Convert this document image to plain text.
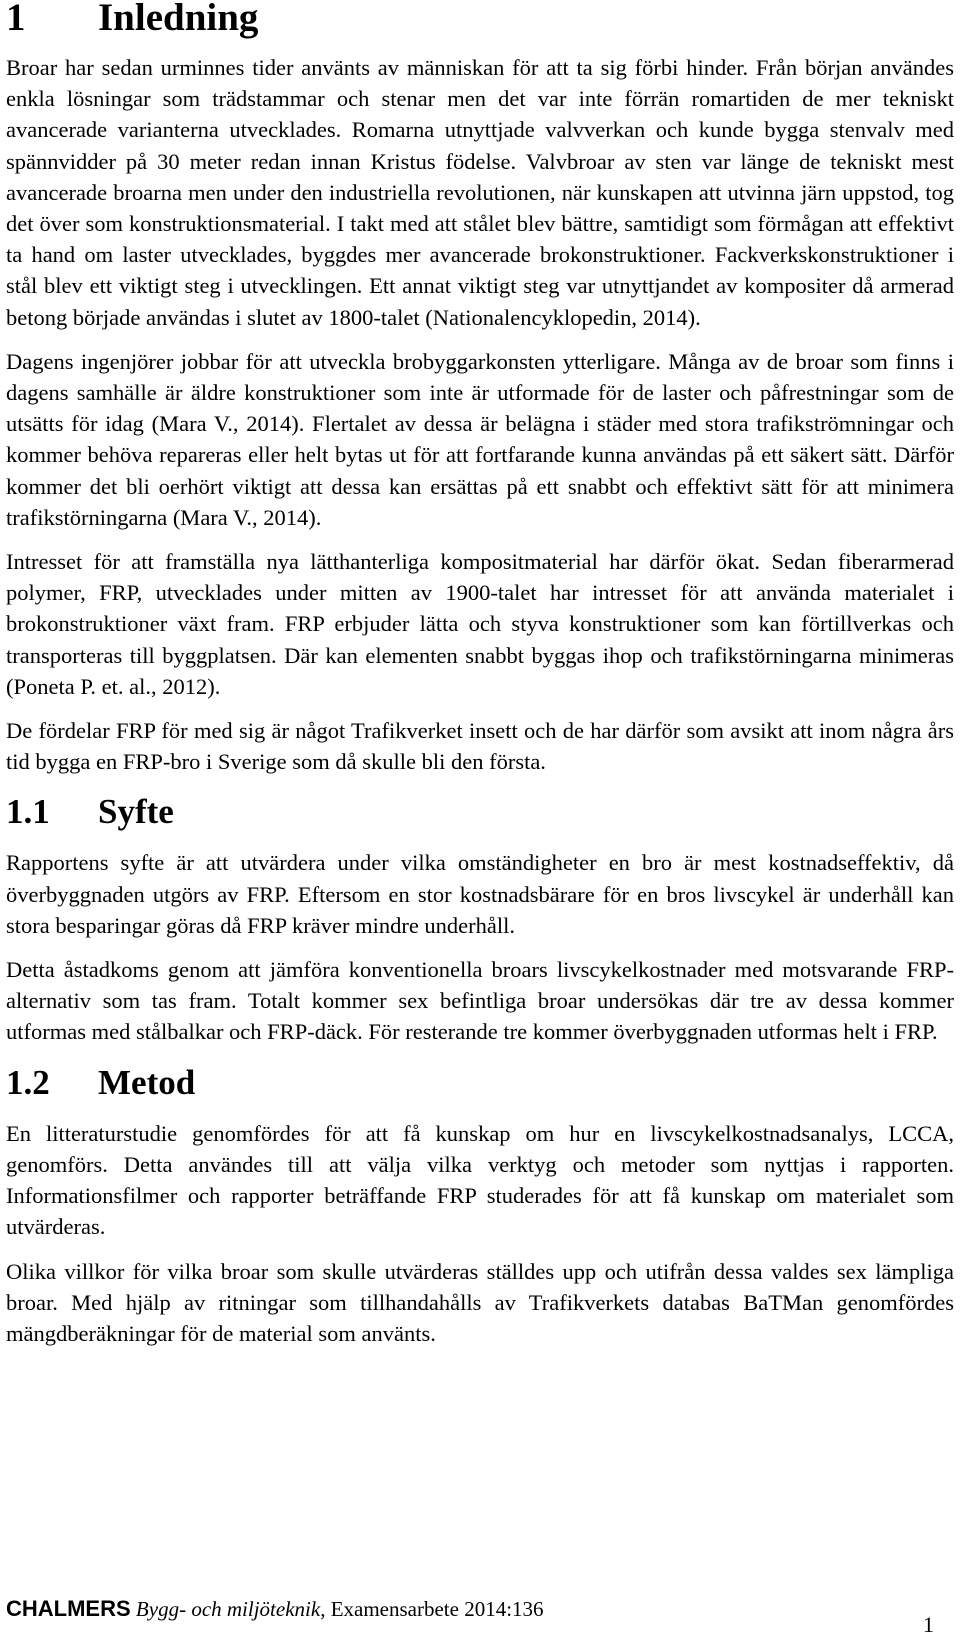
1	Inledning

Broar har sedan urminnes tider använts av människan för att ta sig förbi hinder. Från början användes enkla lösningar som trädstammar och stenar men det var inte förrän romartiden de mer tekniskt avancerade varianterna utvecklades. Romarna utnyttjade valvverkan och kunde bygga stenvalv med spännvidder på 30 meter redan innan Kristus födelse. Valvbroar av sten var länge de tekniskt mest avancerade broarna men under den industriella revolutionen, när kunskapen att utvinna järn uppstod, tog det över som konstruktionsmaterial. I takt med att stålet blev bättre, samtidigt som förmågan att effektivt ta hand om laster utvecklades, byggdes mer avancerade brokonstruktioner. Fackverkskonstruktioner i stål blev ett viktigt steg i utvecklingen. Ett annat viktigt steg var utnyttjandet av kompositer då armerad betong började användas i slutet av 1800-talet (Nationalencyklopedin, 2014).

Dagens ingenjörer jobbar för att utveckla brobyggarkonsten ytterligare. Många av de broar som finns i dagens samhälle är äldre konstruktioner som inte är utformade för de laster och påfrestningar som de utsätts för idag (Mara V., 2014). Flertalet av dessa är belägna i städer med stora trafikströmningar och kommer behöva repareras eller helt bytas ut för att fortfarande kunna användas på ett säkert sätt. Därför kommer det bli oerhört viktigt att dessa kan ersättas på ett snabbt och effektivt sätt för att minimera trafikstörningarna (Mara V., 2014).

Intresset för att framställa nya lätthanterliga kompositmaterial har därför ökat. Sedan fiberarmerad polymer, FRP, utvecklades under mitten av 1900-talet har intresset för att använda materialet i brokonstruktioner växt fram. FRP erbjuder lätta och styva konstruktioner som kan förtillverkas och transporteras till byggplatsen. Där kan elementen snabbt byggas ihop och trafikstörningarna minimeras (Poneta P. et. al., 2012).

De fördelar FRP för med sig är något Trafikverket insett och de har därför som avsikt att inom några års tid bygga en FRP-bro i Sverige som då skulle bli den första.

1.1	Syfte

Rapportens syfte är att utvärdera under vilka omständigheter en bro är mest kostnadseffektiv, då överbyggnaden utgörs av FRP. Eftersom en stor kostnadsbärare för en bros livscykel är underhåll kan stora besparingar göras då FRP kräver mindre underhåll.

Detta åstadkoms genom att jämföra konventionella broars livscykelkostnader med motsvarande FRP-alternativ som tas fram. Totalt kommer sex befintliga broar undersökas där tre av dessa kommer utformas med stålbalkar och FRP-däck. För resterande tre kommer överbyggnaden utformas helt i FRP.

1.2	Metod

En litteraturstudie genomfördes för att få kunskap om hur en livscykelkostnadsanalys, LCCA, genomförs. Detta användes till att välja vilka verktyg och metoder som nyttjas i rapporten. Informationsfilmer och rapporter beträffande FRP studerades för att få kunskap om materialet som utvärderas.

Olika villkor för vilka broar som skulle utvärderas ställdes upp och utifrån dessa valdes sex lämpliga broar. Med hjälp av ritningar som tillhandahålls av Trafikverkets databas BaTMan genomfördes mängdberäkningar för de material som använts.

CHALMERS Bygg- och miljöteknik, Examensarbete 2014:136
1
